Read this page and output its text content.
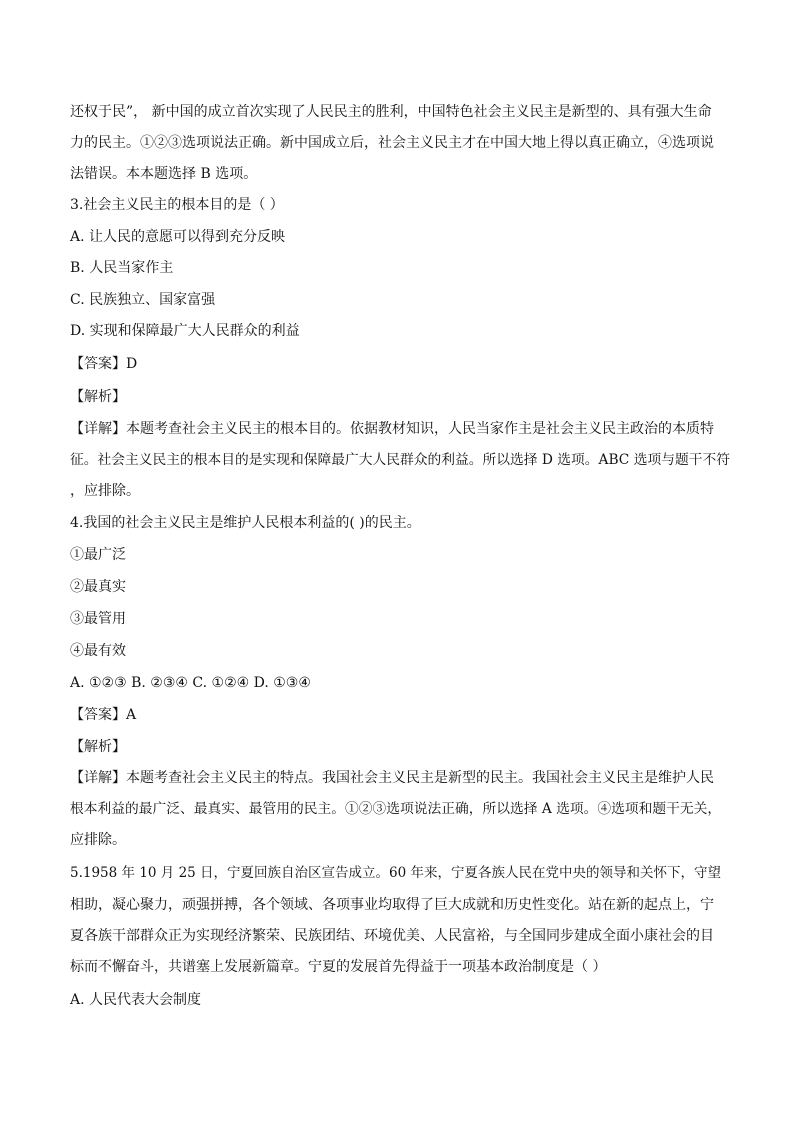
还权于民”， 新中国的成立首次实现了人民民主的胜利，中国特色社会主义民主是新型的、具有强大生命
力的民主。①②③选项说法正确。新中国成立后，社会主义民主才在中国大地上得以真正确立，④选项说
法错误。本本题选择 B 选项。
3.社会主义民主的根本目的是（ ）
A. 让人民的意愿可以得到充分反映
B. 人民当家作主
C. 民族独立、国家富强
D. 实现和保障最广大人民群众的利益
【答案】D
【解析】
【详解】本题考查社会主义民主的根本目的。依据教材知识，人民当家作主是社会主义民主政治的本质特
征。社会主义民主的根本目的是实现和保障最广大人民群众的利益。所以选择 D 选项。ABC 选项与题干不符
，应排除。
4.我国的社会主义民主是维护人民根本利益的( )的民主。
①最广泛
②最真实
③最管用
④最有效
A. ①②③ B. ②③④ C. ①②④ D. ①③④
【答案】A
【解析】
【详解】本题考查社会主义民主的特点。我国社会主义民主是新型的民主。我国社会主义民主是维护人民
根本利益的最广泛、最真实、最管用的民主。①②③选项说法正确，所以选择 A 选项。④选项和题干无关，
应排除。
5.1958 年 10 月 25 日，宁夏回族自治区宣告成立。60 年来，宁夏各族人民在党中央的领导和关怀下，守望
相助，凝心聚力，顽强拼搏，各个领域、各项事业均取得了巨大成就和历史性变化。站在新的起点上，宁
夏各族干部群众正为实现经济繁荣、民族团结、环境优美、人民富裕，与全国同步建成全面小康社会的目
标而不懈奋斗，共谱塞上发展新篇章。宁夏的发展首先得益于一项基本政治制度是（ ）
A. 人民代表大会制度
